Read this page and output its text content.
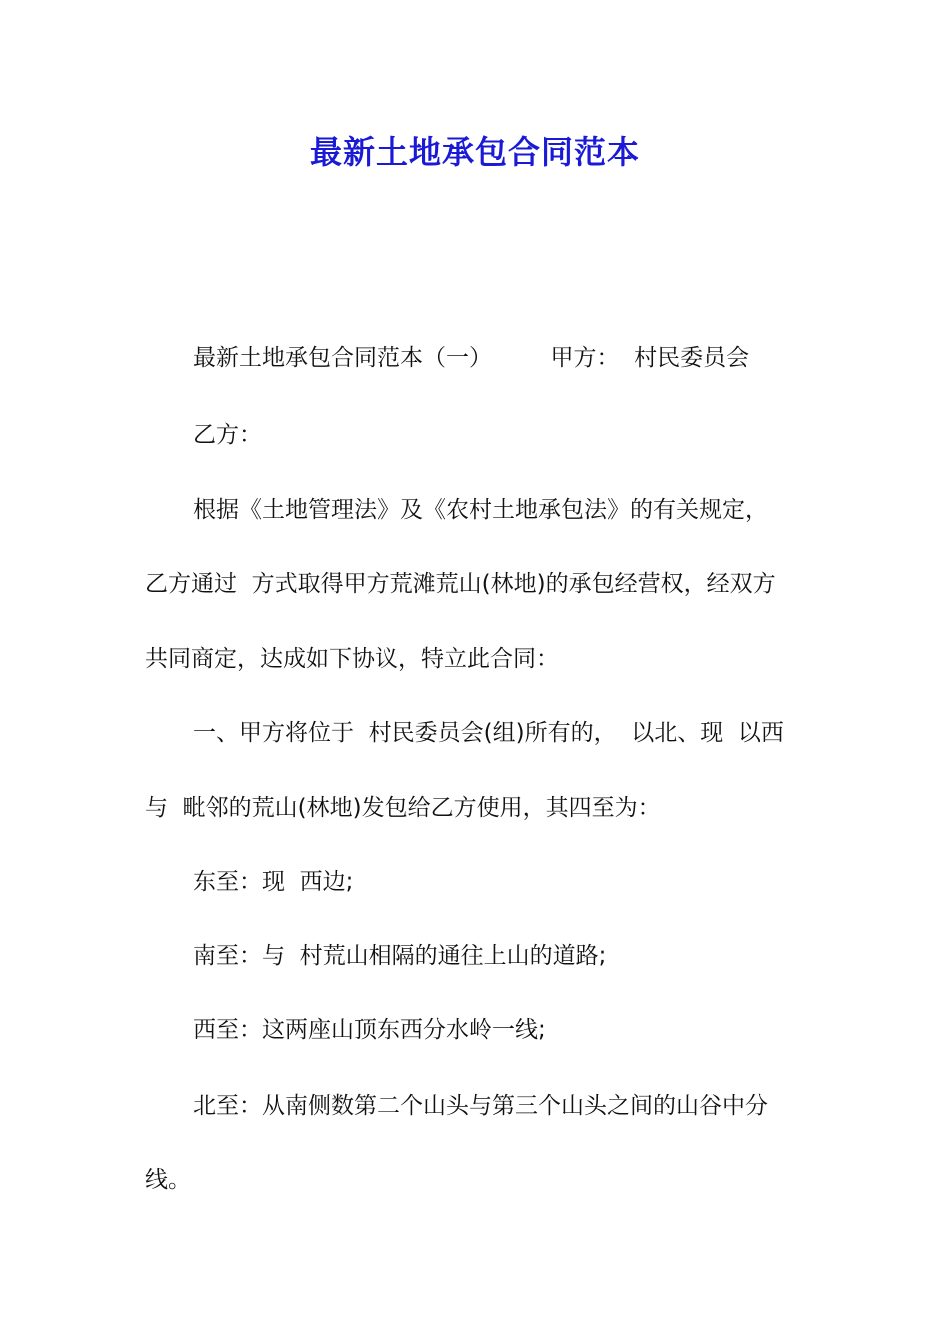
最新土地承包合同范本

最新土地承包合同范本（一）        甲方：  村民委员会

乙方：

根据《土地管理法》及《农村土地承包法》的有关规定，

乙方通过  方式取得甲方荒滩荒山(林地)的承包经营权，经双方

共同商定，达成如下协议，特立此合同：

一、甲方将位于  村民委员会(组)所有的，  以北、现  以西

与  毗邻的荒山(林地)发包给乙方使用，其四至为：

东至：现  西边;

南至：与  村荒山相隔的通往上山的道路;

西至：这两座山顶东西分水岭一线;

北至：从南侧数第二个山头与第三个山头之间的山谷中分

线。
